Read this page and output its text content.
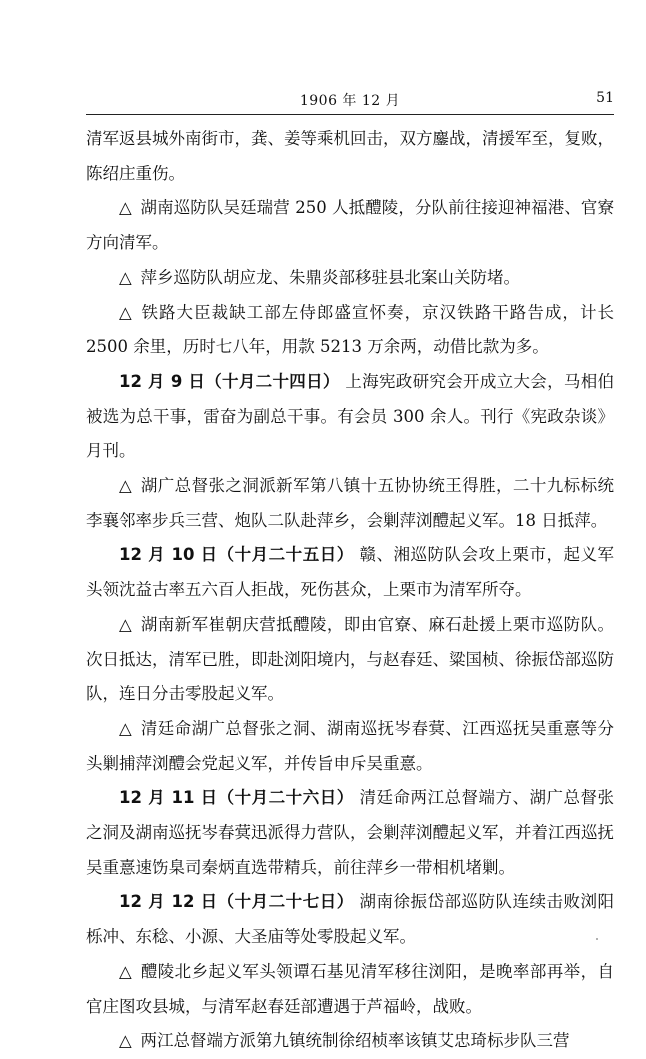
1906 年 12 月	51

清军返县城外南街市，龚、姜等乘机回击，双方鏖战，清援军至，复败，陈绍庄重伤。

△ 湖南巡防队吴廷瑞营 250 人抵醴陵，分队前往接迎神福港、官寮方向清军。

△ 萍乡巡防队胡应龙、朱鼎炎部移驻县北案山关防堵。

△ 铁路大臣裁缺工部左侍郎盛宣怀奏，京汉铁路干路告成，计长 2500 余里，历时七八年，用款 5213 万余两，动借比款为多。

12 月 9 日（十月二十四日） 上海宪政研究会开成立大会，马相伯被选为总干事，雷奋为副总干事。有会员 300 余人。刊行《宪政杂谈》月刊。

△ 湖广总督张之洞派新军第八镇十五协协统王得胜，二十九标标统李襄邻率步兵三营、炮队二队赴萍乡，会剿萍浏醴起义军。18 日抵萍。

12 月 10 日（十月二十五日） 赣、湘巡防队会攻上栗市，起义军头领沈益古率五六百人拒战，死伤甚众，上栗市为清军所夺。

△ 湖南新军崔朝庆营抵醴陵，即由官寮、麻石赴援上栗市巡防队。次日抵达，清军已胜，即赴浏阳境内，与赵春廷、粱国桢、徐振岱部巡防队，连日分击零股起义军。

△ 清廷命湖广总督张之洞、湖南巡抚岑春蓂、江西巡抚吴重憙等分头剿捕萍浏醴会党起义军，并传旨申斥吴重憙。

12 月 11 日（十月二十六日） 清廷命两江总督端方、湖广总督张之洞及湖南巡抚岑春蓂迅派得力营队，会剿萍浏醴起义军，并着江西巡抚吴重憙速饬臬司秦炳直选带精兵，前往萍乡一带相机堵剿。

12 月 12 日（十月二十七日） 湖南徐振岱部巡防队连续击败浏阳栎冲、东稔、小源、大圣庙等处零股起义军。

△ 醴陵北乡起义军头领谭石基见清军移往浏阳，是晚率部再举，自官庄图攻县城，与清军赵春廷部遭遇于芦福岭，战败。

△ 两江总督端方派第九镇统制徐绍桢率该镇艾忠琦标步队三营
